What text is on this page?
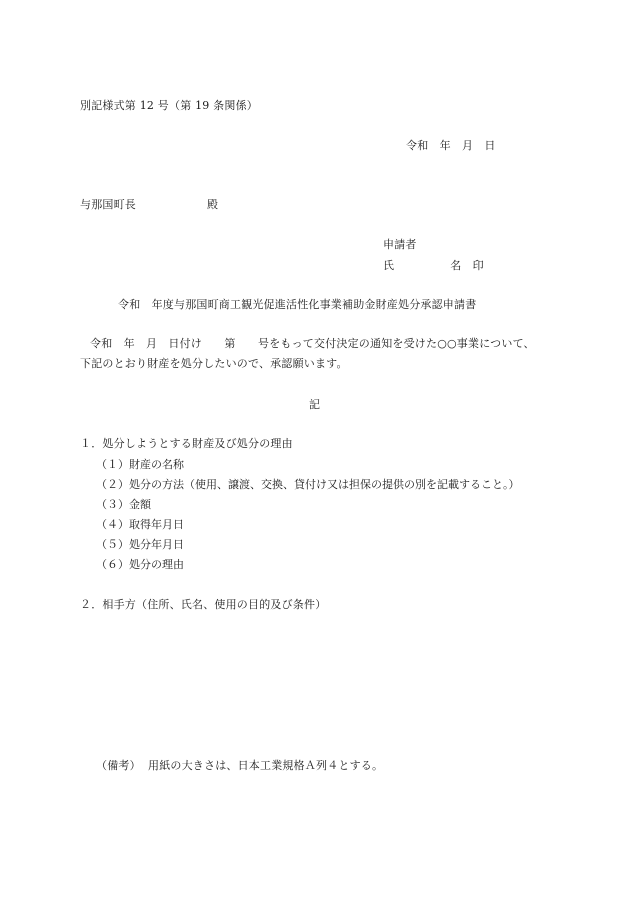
別記様式第 12 号（第 19 条関係）
令和　年　月　日
与那国町長	殿
申請者
氏　　　　　名　印
令和　年度与那国町商工観光促進活性化事業補助金財産処分承認申請書
令和　年　月　日付け　　第　　号をもって交付決定の通知を受けた○○事業について、
下記のとおり財産を処分したいので、承認願います。
記
１．処分しようとする財産及び処分の理由
（１）財産の名称
（２）処分の方法（使用、譲渡、交換、貸付け又は担保の提供の別を記載すること。）
（３）金額
（４）取得年月日
（５）処分年月日
（６）処分の理由
２．相手方（住所、氏名、使用の目的及び条件）
（備考） 用紙の大きさは、日本工業規格Ａ列４とする。
